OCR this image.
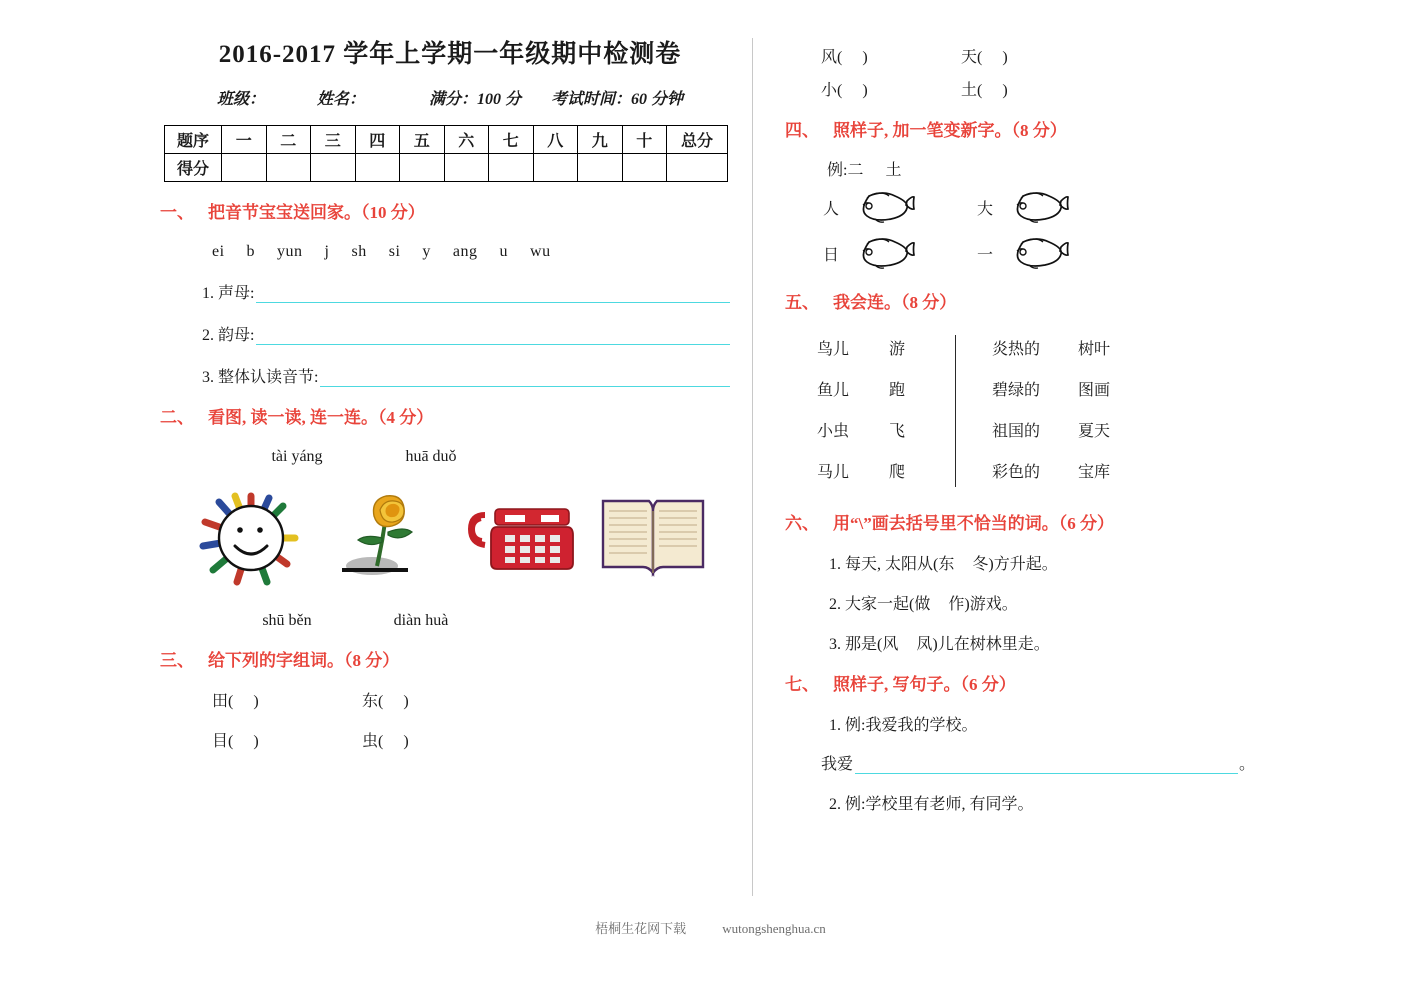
2016-2017 学年上学期一年级期中检测卷
班级：	姓名：	满分：100 分 考试时间：60 分钟
题序	一	二	三	四	五	六	七	八	九	十	总分
得分											
一、 把音节宝宝送回家。（10 分）
ei b yun j sh si y ang u wu
1. 声母:
2. 韵母:
3. 整体认读音节:
二、 看图, 读一读, 连一连。（4 分）
tài yáng	huā duǒ
shū běn	diàn huà
三、 给下列的字组词。（8 分）
田( )	东( )
目( )	虫( )
风( )	天( )
小( )	土( )
四、 照样子, 加一笔变新字。（8 分）
例:二 土
人	大
日	一
五、 我会连。（8 分）
鸟儿	游
鱼儿	跑
小虫	飞
马儿	爬
炎热的	树叶
碧绿的	图画
祖国的	夏天
彩色的	宝库
六、 用“\”画去括号里不恰当的词。（6 分）
1. 每天, 太阳从(东 冬)方升起。
2. 大家一起(做 作)游戏。
3. 那是(风 凤)儿在树林里走。
七、 照样子, 写句子。（6 分）
1. 例:我爱我的学校。
我爱	。
2. 例:学校里有老师, 有同学。
梧桐生花网下载	wutongshenghua.cn
